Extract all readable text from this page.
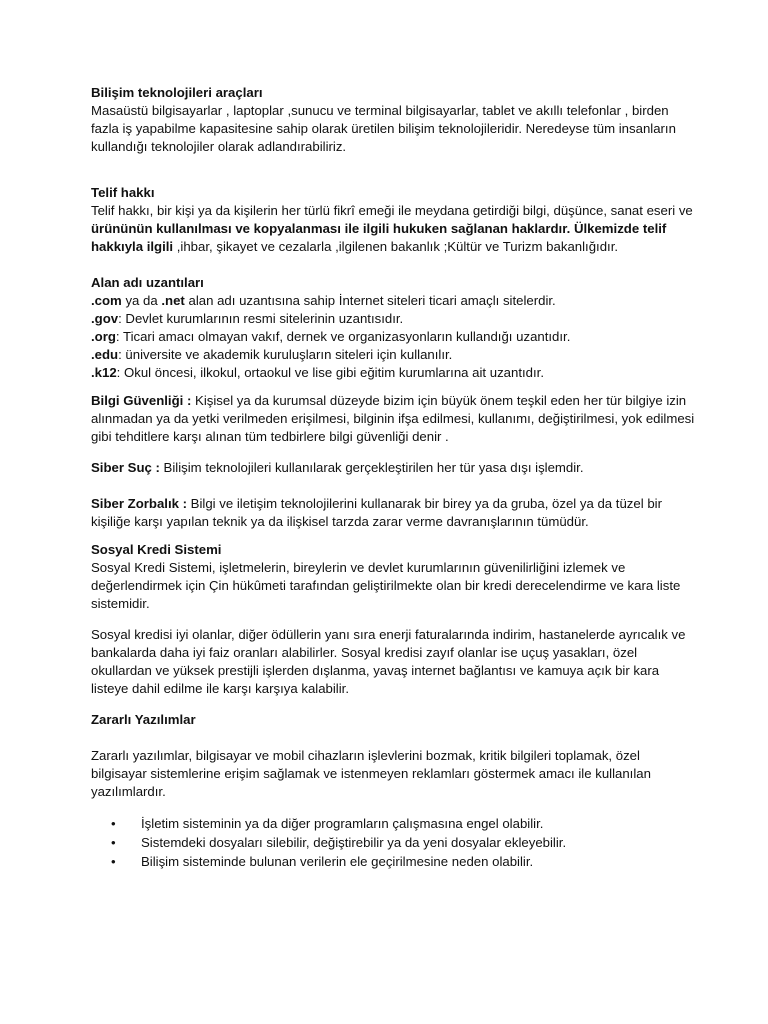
Bilişim teknolojileri araçları

Masaüstü bilgisayarlar , laptoplar ,sunucu ve terminal bilgisayarlar, tablet ve akıllı telefonlar , birden fazla iş yapabilme kapasitesine sahip olarak üretilen bilişim teknolojileridir. Neredeyse tüm insanların kullandığı teknolojiler olarak adlandırabiliriz.

Telif hakkı

Telif hakkı, bir kişi ya da kişilerin her türlü fikrî emeği ile meydana getirdiği bilgi, düşünce, sanat eseri ve ürününün kullanılması ve kopyalanması ile ilgili hukuken sağlanan haklardır. Ülkemizde telif hakkıyla ilgili ,ihbar, şikayet ve cezalarla ,ilgilenen bakanlık ;Kültür ve Turizm bakanlığıdır.

Alan adı uzantıları

.com ya da .net alan adı uzantısına sahip İnternet siteleri ticari amaçlı sitelerdir.

.gov: Devlet kurumlarının resmi sitelerinin uzantısıdır.

.org: Ticari amacı olmayan vakıf, dernek ve organizasyonların kullandığı uzantıdır.

.edu: üniversite ve akademik kuruluşların siteleri için kullanılır.

.k12: Okul öncesi, ilkokul, ortaokul ve lise gibi eğitim kurumlarına ait uzantıdır.

Bilgi Güvenliği : Kişisel ya da kurumsal düzeyde bizim için büyük önem teşkil eden her tür bilgiye izin alınmadan ya da yetki verilmeden erişilmesi, bilginin ifşa edilmesi, kullanımı, değiştirilmesi, yok edilmesi gibi tehditlere karşı alınan tüm tedbirlere bilgi güvenliği denir .

Siber Suç : Bilişim teknolojileri kullanılarak gerçekleştirilen her tür yasa dışı işlemdir.

Siber Zorbalık : Bilgi ve iletişim teknolojilerini kullanarak bir birey ya da gruba, özel ya da tüzel bir kişiliğe karşı yapılan teknik ya da ilişkisel tarzda zarar verme davranışlarının tümüdür.

Sosyal Kredi Sistemi

Sosyal Kredi Sistemi, işletmelerin, bireylerin ve devlet kurumlarının güvenilirliğini izlemek ve değerlendirmek için Çin hükûmeti tarafından geliştirilmekte olan bir kredi derecelendirme ve kara liste sistemidir.

Sosyal kredisi iyi olanlar, diğer ödüllerin yanı sıra enerji faturalarında indirim, hastanelerde ayrıcalık ve bankalarda daha iyi faiz oranları alabilirler. Sosyal kredisi zayıf olanlar ise uçuş yasakları, özel okullardan ve yüksek prestijli işlerden dışlanma, yavaş internet bağlantısı ve kamuya açık bir kara listeye dahil edilme ile karşı karşıya kalabilir.

Zararlı Yazılımlar

Zararlı yazılımlar, bilgisayar ve mobil cihazların işlevlerini bozmak, kritik bilgileri toplamak, özel bilgisayar sistemlerine erişim sağlamak ve istenmeyen reklamları göstermek amacı ile kullanılan yazılımlardır.

• İşletim sisteminin ya da diğer programların çalışmasına engel olabilir.
• Sistemdeki dosyaları silebilir, değiştirebilir ya da yeni dosyalar ekleyebilir.
• Bilişim sisteminde bulunan verilerin ele geçirilmesine neden olabilir.
